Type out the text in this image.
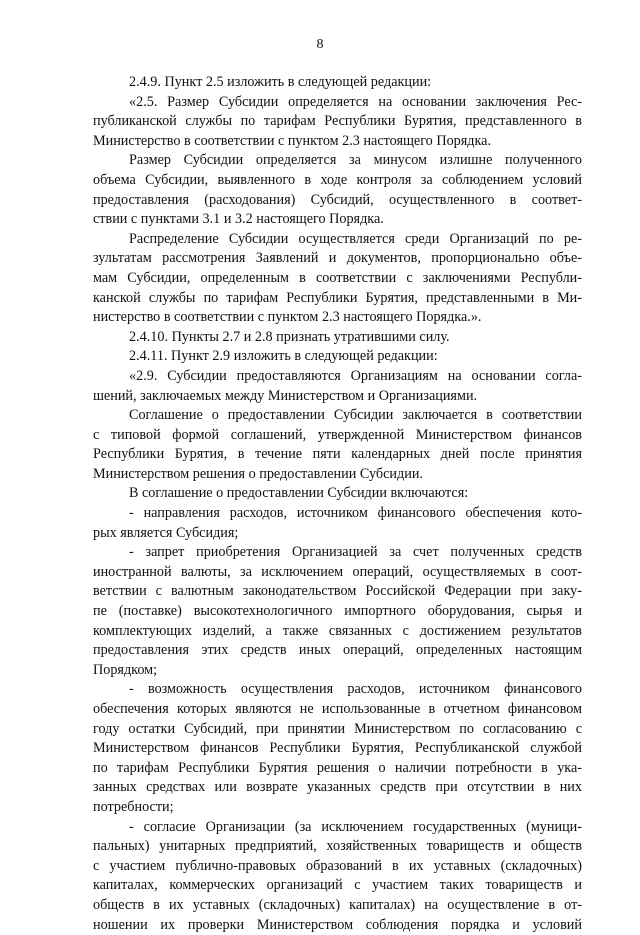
8
2.4.9. Пункт 2.5 изложить в следующей редакции:
«2.5. Размер Субсидии определяется на основании заключения Рес-
публиканской службы по тарифам Республики Бурятия, представленного в
Министерство в соответствии с пунктом 2.3 настоящего Порядка.
Размер Субсидии определяется за минусом излишне полученного
объема Субсидии, выявленного в ходе контроля за соблюдением условий
предоставления (расходования) Субсидий, осуществленного в соответ-
ствии с пунктами 3.1 и 3.2 настоящего Порядка.
Распределение Субсидии осуществляется среди Организаций по ре-
зультатам рассмотрения Заявлений и документов, пропорционально объе-
мам Субсидии, определенным в соответствии с заключениями Республи-
канской службы по тарифам Республики Бурятия, представленными в Ми-
нистерство в соответствии с пунктом 2.3 настоящего Порядка.».
2.4.10. Пункты 2.7 и 2.8 признать утратившими силу.
2.4.11. Пункт 2.9 изложить в следующей редакции:
«2.9. Субсидии предоставляются Организациям на основании согла-
шений, заключаемых между Министерством и Организациями.
Соглашение о предоставлении Субсидии заключается в соответствии
с типовой формой соглашений, утвержденной Министерством финансов
Республики Бурятия, в течение пяти календарных дней после принятия
Министерством решения о предоставлении Субсидии.
В соглашение о предоставлении Субсидии включаются:
- направления расходов, источником финансового обеспечения кото-
рых является Субсидия;
- запрет приобретения Организацией за счет полученных средств
иностранной валюты, за исключением операций, осуществляемых в соот-
ветствии с валютным законодательством Российской Федерации при заку-
пе (поставке) высокотехнологичного импортного оборудования, сырья и
комплектующих изделий, а также связанных с достижением результатов
предоставления этих средств иных операций, определенных настоящим
Порядком;
- возможность осуществления расходов, источником финансового
обеспечения которых являются не использованные в отчетном финансовом
году остатки Субсидий, при принятии Министерством по согласованию с
Министерством финансов Республики Бурятия, Республиканской службой
по тарифам Республики Бурятия решения о наличии потребности в ука-
занных средствах или возврате указанных средств при отсутствии в них
потребности;
- согласие Организации (за исключением государственных (муници-
пальных) унитарных предприятий, хозяйственных товариществ и обществ
с участием публично-правовых образований в их уставных (складочных)
капиталах, коммерческих организаций с участием таких товариществ и
обществ в их уставных (складочных) капиталах) на осуществление в от-
ношении их проверки Министерством соблюдения порядка и условий
